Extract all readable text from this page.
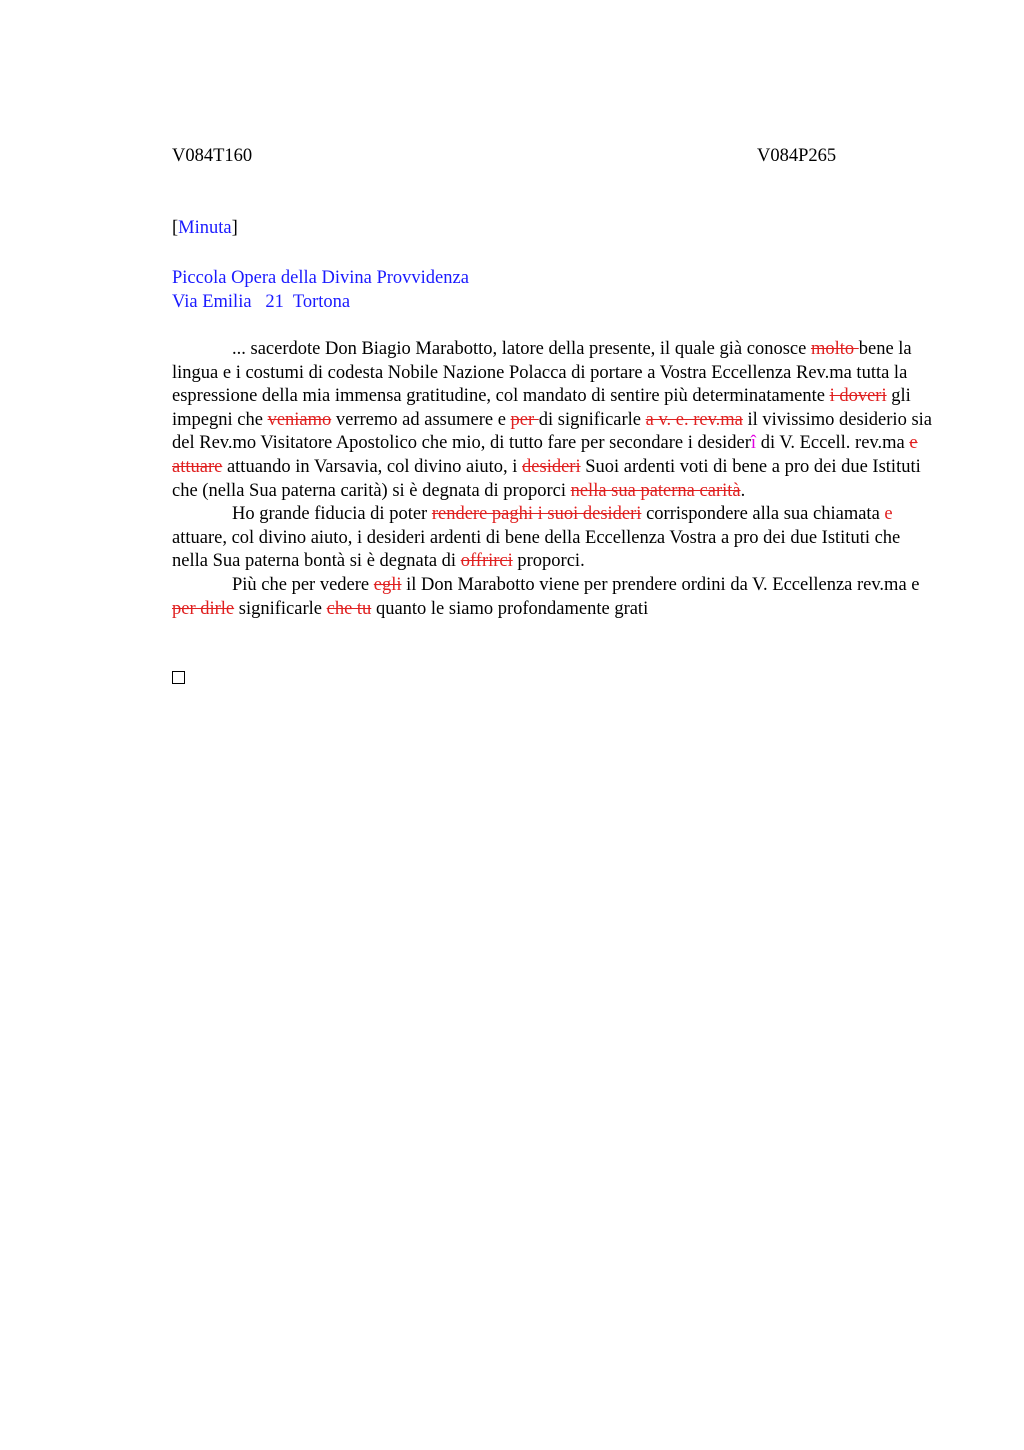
V084T160	V084P265
[Minuta]
Piccola Opera della Divina Provvidenza
Via Emilia   21  Tortona

... sacerdote Don Biagio Marabotto, latore della presente, il quale già conosce molto bene la lingua e i costumi di codesta Nobile Nazione Polacca di portare a Vostra Eccellenza Rev.ma tutta la espressione della mia immensa gratitudine, col mandato di sentire più determinatamente i doveri gli impegni che veniamo verremo ad assumere e per di significarle a v. e. rev.ma il vivissimo desiderio sia del Rev.mo Visitatore Apostolico che mio, di tutto fare per secondare i desiderî di V. Eccell. rev.ma e attuare attuando in Varsavia, col divino aiuto, i desideri Suoi ardenti voti di bene a pro dei due Istituti che (nella Sua paterna carità) si è degnata di proporci nella sua paterna carità.

Ho grande fiducia di poter rendere paghi i suoi desideri corrispondere alla sua chiamata e attuare, col divino aiuto, i desideri ardenti di bene della Eccellenza Vostra a pro dei due Istituti che nella Sua paterna bontà si è degnata di offrirci proporci.

Più che per vedere egli il Don Marabotto viene per prendere ordini da V. Eccellenza rev.ma e per dirle significarle che tu quanto le siamo profondamente grati
